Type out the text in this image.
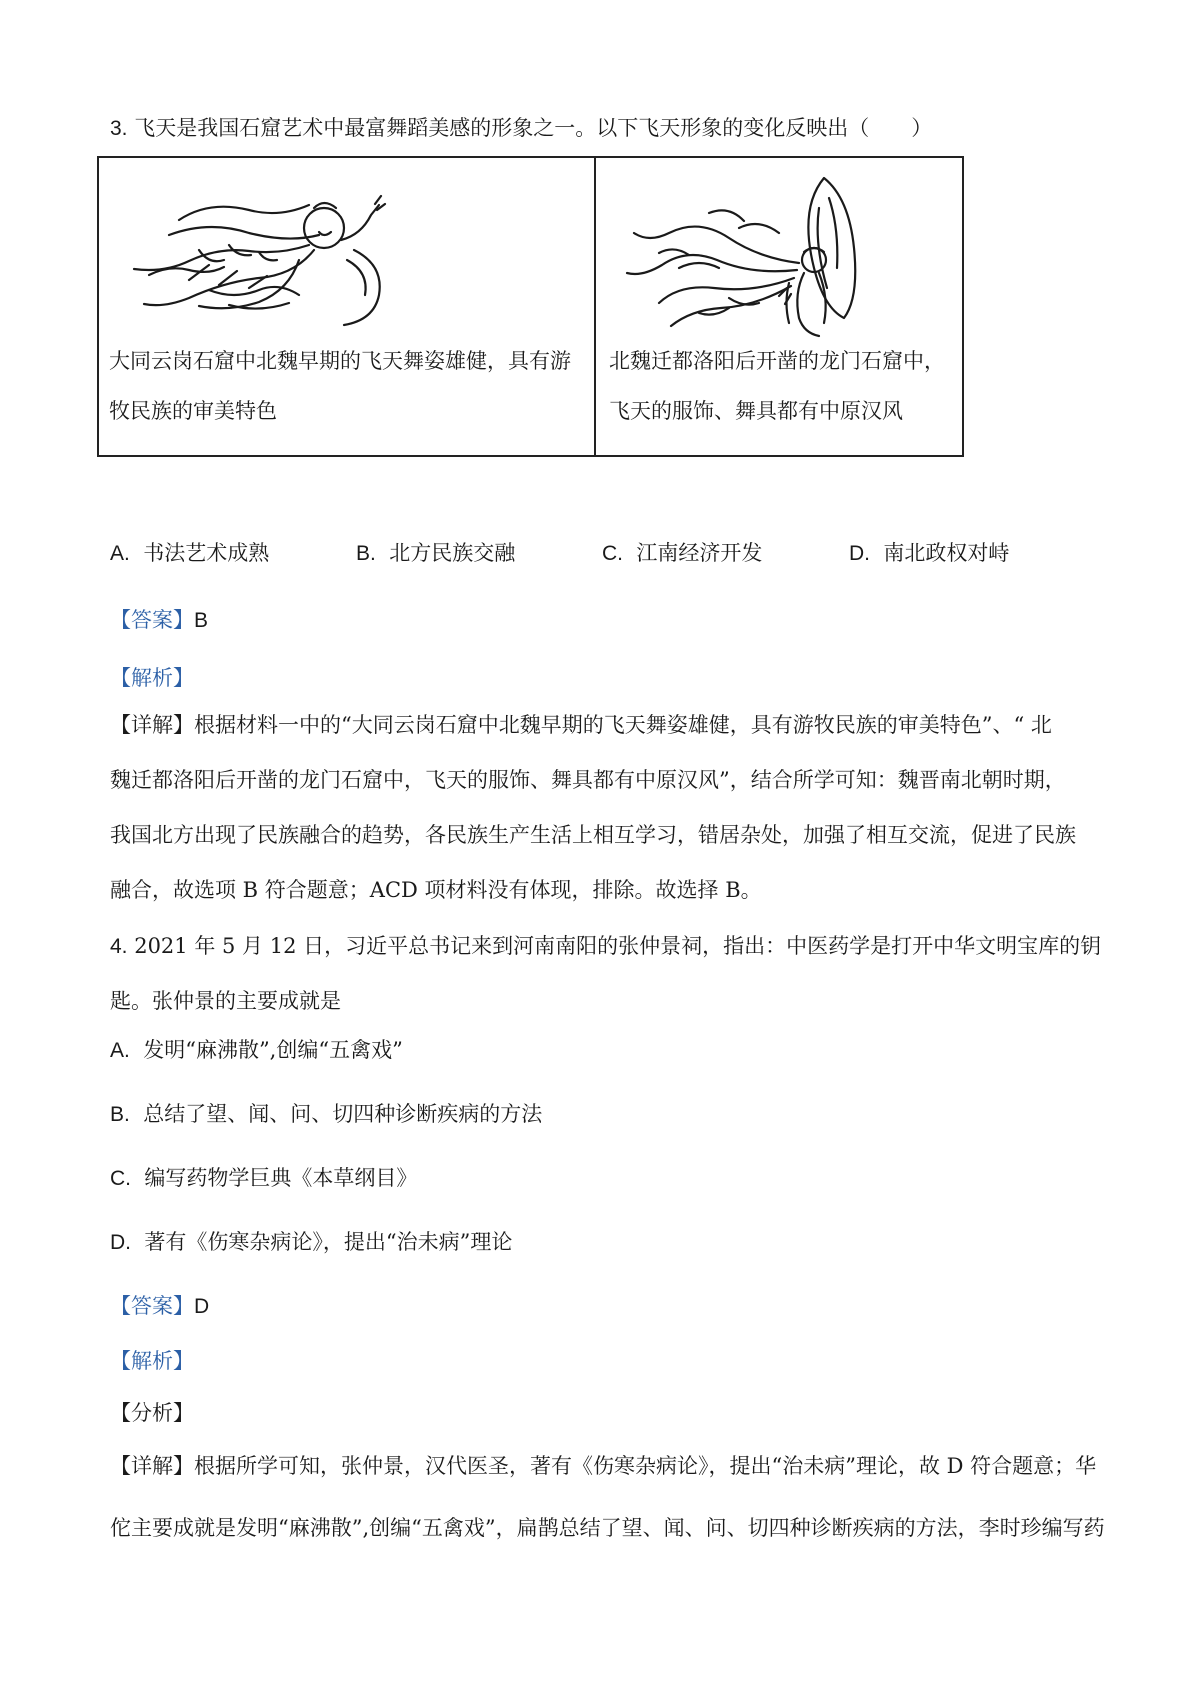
3. 飞天是我国石窟艺术中最富舞蹈美感的形象之一。以下飞天形象的变化反映出（　　）
大同云岗石窟中北魏早期的飞天舞姿雄健，具有游
牧民族的审美特色
北魏迁都洛阳后开凿的龙门石窟中，
飞天的服饰、舞具都有中原汉风
A. 书法艺术成熟	B. 北方民族交融	C. 江南经济开发	D. 南北政权对峙
【答案】B
【解析】
【详解】根据材料一中的“大同云岗石窟中北魏早期的飞天舞姿雄健，具有游牧民族的审美特色”、“ 北
魏迁都洛阳后开凿的龙门石窟中，飞天的服饰、舞具都有中原汉风”，结合所学可知：魏晋南北朝时期，
我国北方出现了民族融合的趋势，各民族生产生活上相互学习，错居杂处，加强了相互交流，促进了民族
融合，故选项 B 符合题意；ACD 项材料没有体现，排除。故选择 B。
4. 2021 年 5 月 12 日，习近平总书记来到河南南阳的张仲景祠，指出：中医药学是打开中华文明宝库的钥
匙。张仲景的主要成就是
A. 发明“麻沸散”,创编“五禽戏”
B. 总结了望、闻、问、切四种诊断疾病的方法
C. 编写药物学巨典《本草纲目》
D. 著有《伤寒杂病论》，提出“治未病”理论
【答案】D
【解析】
【分析】
【详解】根据所学可知，张仲景，汉代医圣，著有《伤寒杂病论》，提出“治未病”理论，故 D 符合题意；华
佗主要成就是发明“麻沸散”,创编“五禽戏”，扁鹊总结了望、闻、问、切四种诊断疾病的方法，李时珍编写药
